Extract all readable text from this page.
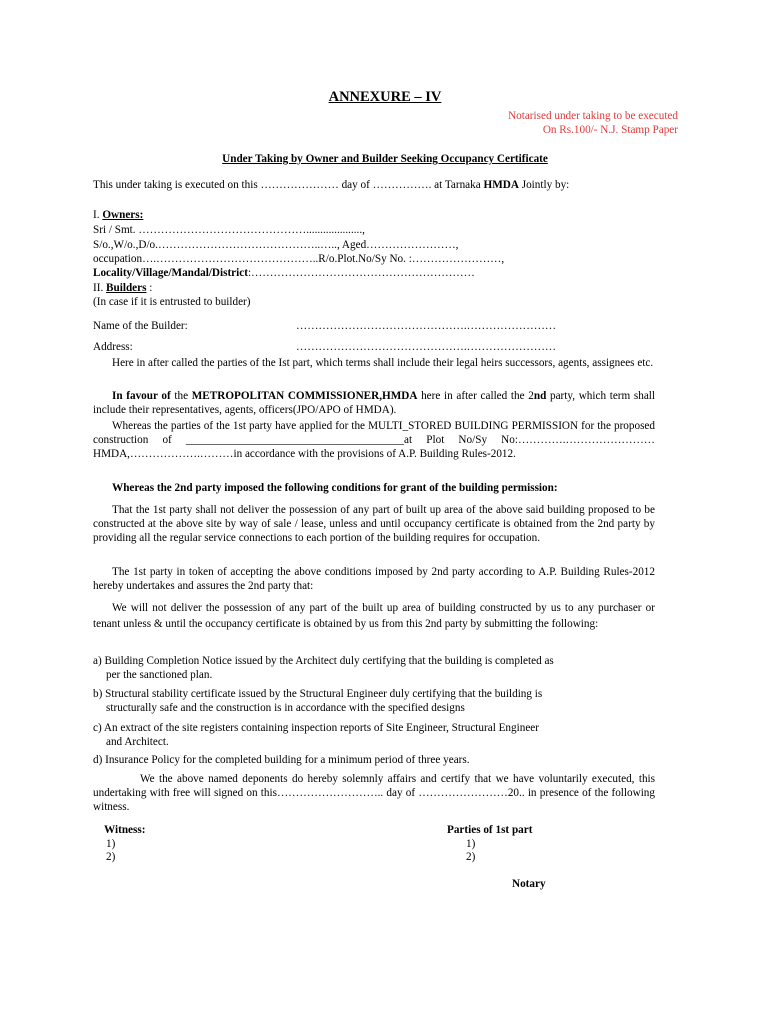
ANNEXURE – IV
Notarised under taking to be executed
On Rs.100/- N.J. Stamp Paper
Under Taking by Owner and Builder Seeking Occupancy Certificate
This under taking is executed on this ………………… day of ……………. at Tarnaka HMDA Jointly by:
I. Owners:
Sri / Smt. ………………………………………....................,
S/o.,W/o.,D/o.……………………………………..….., Aged……………………,
occupation….……………………………………..R/o.Plot.No/Sy No. :……………………,
Locality/Village/Mandal/District:……………………………………………………
II. Builders :
(In case if it is entrusted to builder)
Name of the Builder:	……………………………………….……………………
Address:	……………………………………….……………………
Here in after called the parties of the Ist part, which terms shall include their legal heirs successors, agents, assignees etc.
In favour of the METROPOLITAN COMMISSIONER,HMDA here in after called the 2nd party, which term shall include their representatives, agents, officers(JPO/APO of HMDA).
Whereas the parties of the 1st party have applied for the MULTI_STORED BUILDING PERMISSION for the proposed construction of _______________________________________at Plot No/Sy No:………….……………………HMDA,……………….………in accordance with the provisions of A.P. Building Rules-2012.
Whereas the 2nd party imposed the following conditions for grant of the building permission:
That the 1st party shall not deliver the possession of any part of built up area of the above said building proposed to be constructed at the above site by way of sale / lease, unless and until occupancy certificate is obtained from the 2nd party by providing all the regular service connections to each portion of the building requires for occupation.
The 1st party in token of accepting the above conditions imposed by 2nd party according to A.P. Building Rules-2012 hereby undertakes and assures the 2nd party that:
We will not deliver the possession of any part of the built up area of building constructed by us to any purchaser or tenant unless & until the occupancy certificate is obtained by us from this 2nd party by submitting the following:
a) Building Completion Notice issued by the Architect duly certifying that the building is completed as
per the sanctioned plan.
b) Structural stability certificate issued by the Structural Engineer duly certifying that the building is
structurally safe and the construction is in accordance with the specified designs
c) An extract of the site registers containing inspection reports of Site Engineer, Structural Engineer
and Architect.
d) Insurance Policy for the completed building for a minimum period of three years.
We the above named deponents do hereby solemnly affairs and certify that we have voluntarily executed, this undertaking with free will signed on this……………………….. day of ……………………20.. in presence of the following witness.
Witness:
1)
2)
Parties of 1st part
1)
2)
Notary
